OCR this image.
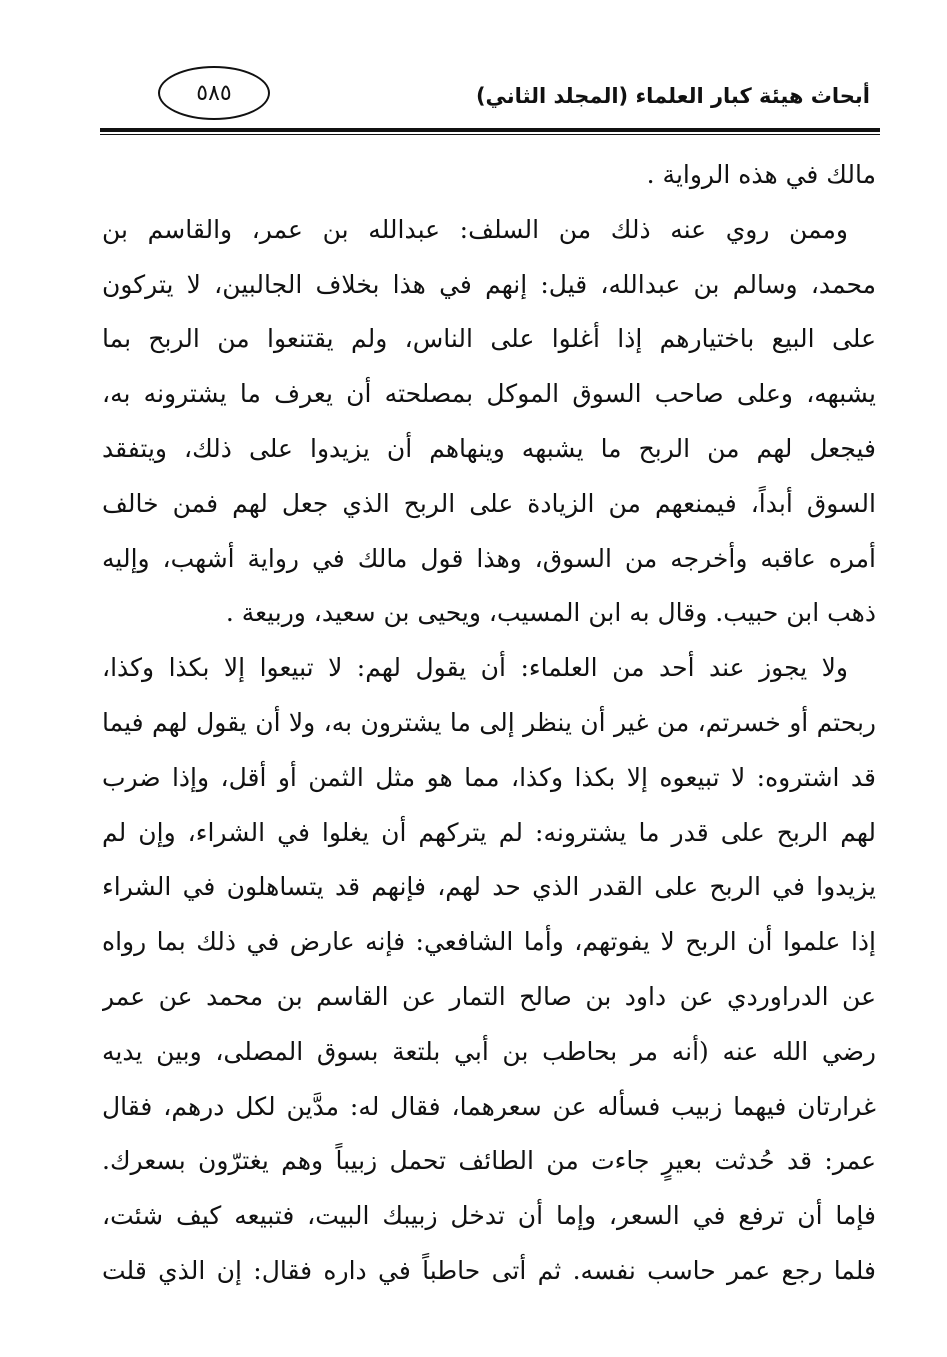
٥٨٥	أبحاث هيئة كبار العلماء (المجلد الثاني)
مالك في هذه الرواية .
وممن روي عنه ذلك من السلف: عبدالله بن عمر، والقاسم بن
محمد، وسالم بن عبدالله، قيل: إنهم في هذا بخلاف الجالبين، لا يتركون
على البيع باختيارهم إذا أغلوا على الناس، ولم يقتنعوا من الربح بما
يشبهه، وعلى صاحب السوق الموكل بمصلحته أن يعرف ما يشترونه به،
فيجعل لهم من الربح ما يشبهه وينهاهم أن يزيدوا على ذلك، ويتفقد
السوق أبداً، فيمنعهم من الزيادة على الربح الذي جعل لهم فمن خالف
أمره عاقبه وأخرجه من السوق، وهذا قول مالك في رواية أشهب، وإليه
ذهب ابن حبيب. وقال به ابن المسيب، ويحيى بن سعيد، وربيعة .
ولا يجوز عند أحد من العلماء: أن يقول لهم: لا تبيعوا إلا بكذا وكذا،
ربحتم أو خسرتم، من غير أن ينظر إلى ما يشترون به، ولا أن يقول لهم فيما
قد اشتروه: لا تبيعوه إلا بكذا وكذا، مما هو مثل الثمن أو أقل، وإذا ضرب
لهم الربح على قدر ما يشترونه: لم يتركهم أن يغلوا في الشراء، وإن لم
يزيدوا في الربح على القدر الذي حد لهم، فإنهم قد يتساهلون في الشراء
إذا علموا أن الربح لا يفوتهم، وأما الشافعي: فإنه عارض في ذلك بما رواه
عن الدراوردي عن داود بن صالح التمار عن القاسم بن محمد عن عمر
رضي الله عنه (أنه مر بحاطب بن أبي بلتعة بسوق المصلى، وبين يديه
غرارتان فيهما زبيب فسأله عن سعرهما، فقال له: مدَّين لكل درهم، فقال
عمر: قد حُدثت بعيرٍ جاءت من الطائف تحمل زبيباً وهم يغترّون بسعرك.
فإما أن ترفع في السعر، وإما أن تدخل زبيبك البيت، فتبيعه كيف شئت،
فلما رجع عمر حاسب نفسه. ثم أتى حاطباً في داره فقال: إن الذي قلت
